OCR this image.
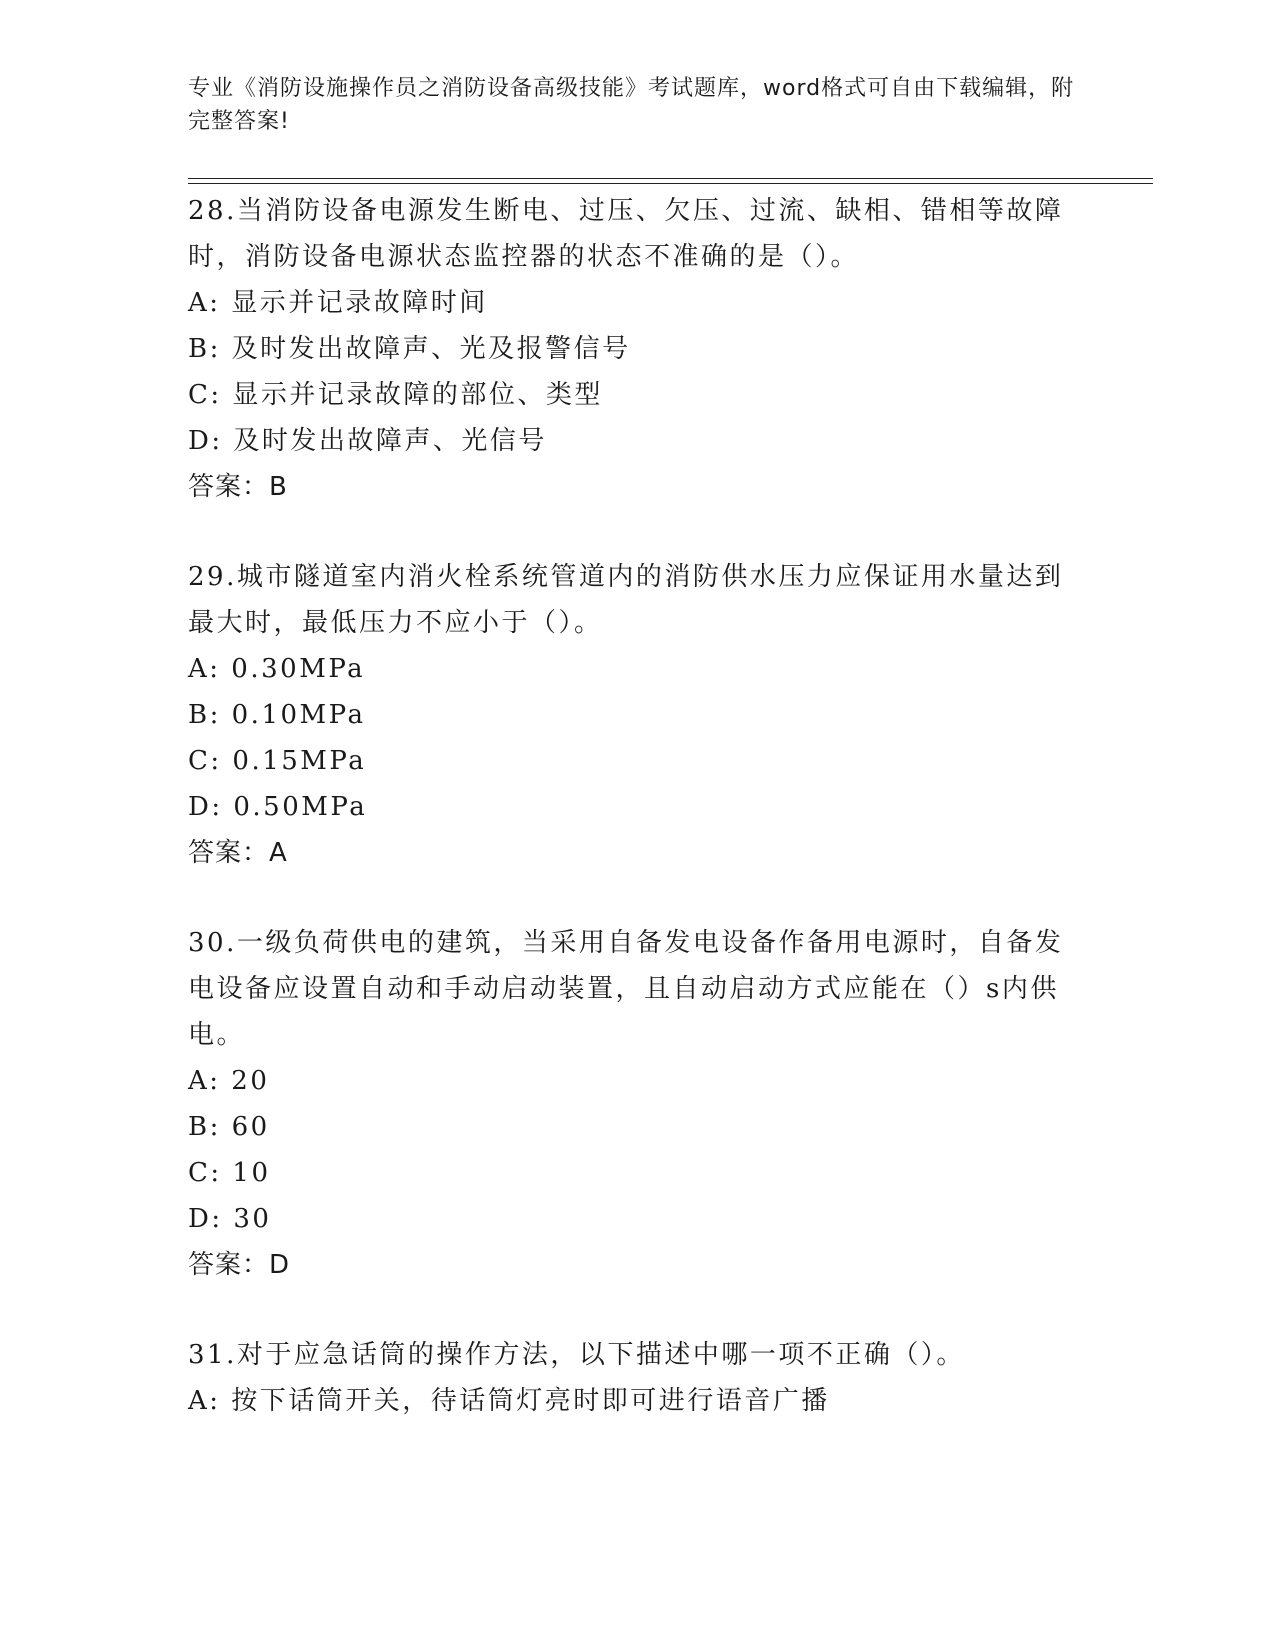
专业《消防设施操作员之消防设备高级技能》考试题库，word格式可自由下载编辑，附完整答案!

28.当消防设备电源发生断电、过压、欠压、过流、缺相、错相等故障时，消防设备电源状态监控器的状态不准确的是（）。

A: 显示并记录故障时间
B: 及时发出故障声、光及报警信号
C: 显示并记录故障的部位、类型
D: 及时发出故障声、光信号
答案：B

29.城市隧道室内消火栓系统管道内的消防供水压力应保证用水量达到最大时，最低压力不应小于（）。

A: 0.30MPa
B: 0.10MPa
C: 0.15MPa
D: 0.50MPa
答案：A

30.一级负荷供电的建筑，当采用自备发电设备作备用电源时，自备发电设备应设置自动和手动启动装置，且自动启动方式应能在（）s内供电。

A: 20
B: 60
C: 10
D: 30
答案：D

31.对于应急话筒的操作方法，以下描述中哪一项不正确（）。

A: 按下话筒开关，待话筒灯亮时即可进行语音广播
